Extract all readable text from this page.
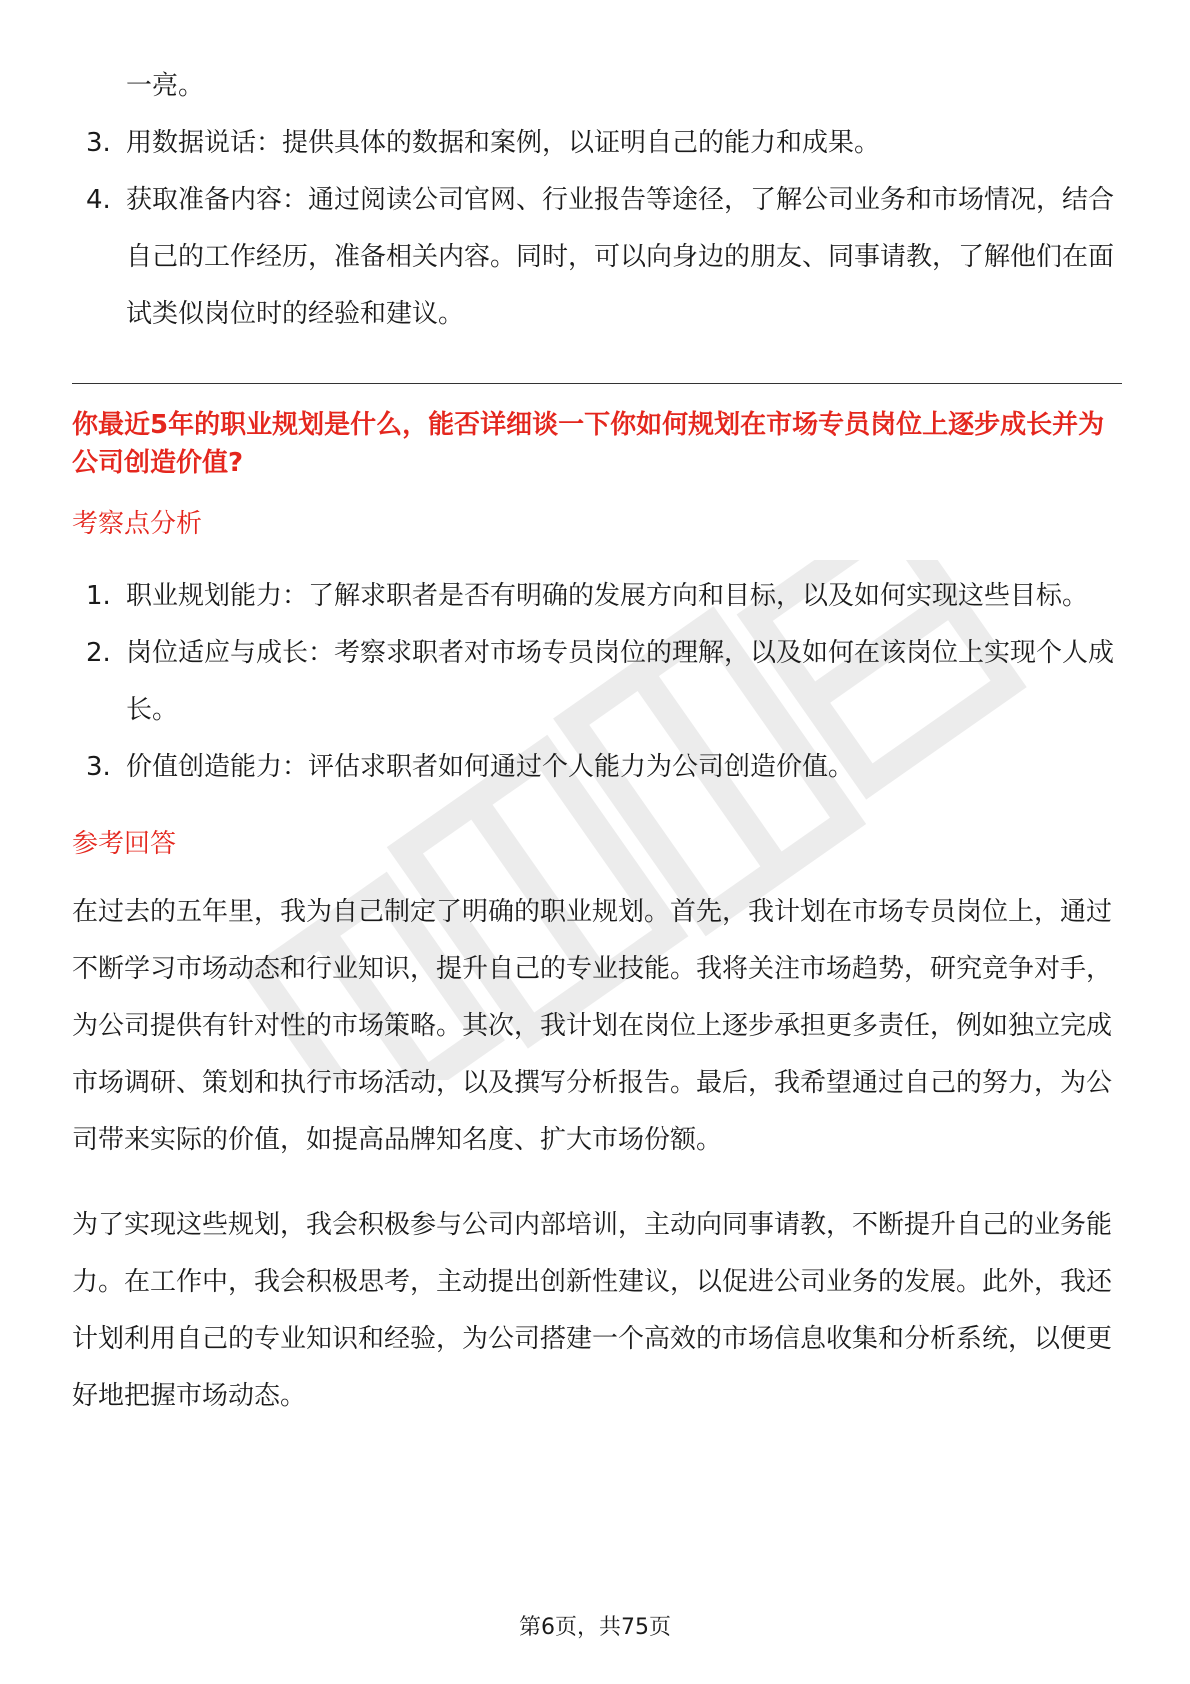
一亮。
3. 用数据说话：提供具体的数据和案例，以证明自己的能力和成果。
4. 获取准备内容：通过阅读公司官网、行业报告等途径，了解公司业务和市场情况，结合自己的工作经历，准备相关内容。同时，可以向身边的朋友、同事请教，了解他们在面试类似岗位时的经验和建议。
你最近5年的职业规划是什么，能否详细谈一下你如何规划在市场专员岗位上逐步成长并为公司创造价值?
考察点分析
1. 职业规划能力：了解求职者是否有明确的发展方向和目标，以及如何实现这些目标。
2. 岗位适应与成长：考察求职者对市场专员岗位的理解，以及如何在该岗位上实现个人成长。
3. 价值创造能力：评估求职者如何通过个人能力为公司创造价值。
参考回答

在过去的五年里，我为自己制定了明确的职业规划。首先，我计划在市场专员岗位上，通过不断学习市场动态和行业知识，提升自己的专业技能。我将关注市场趋势，研究竞争对手，为公司提供有针对性的市场策略。其次，我计划在岗位上逐步承担更多责任，例如独立完成市场调研、策划和执行市场活动，以及撰写分析报告。最后，我希望通过自己的努力，为公司带来实际的价值，如提高品牌知名度、扩大市场份额。

为了实现这些规划，我会积极参与公司内部培训，主动向同事请教，不断提升自己的业务能力。在工作中，我会积极思考，主动提出创新性建议，以促进公司业务的发展。此外，我还计划利用自己的专业知识和经验，为公司搭建一个高效的市场信息收集和分析系统，以便更好地把握市场动态。

第6页，共75页
